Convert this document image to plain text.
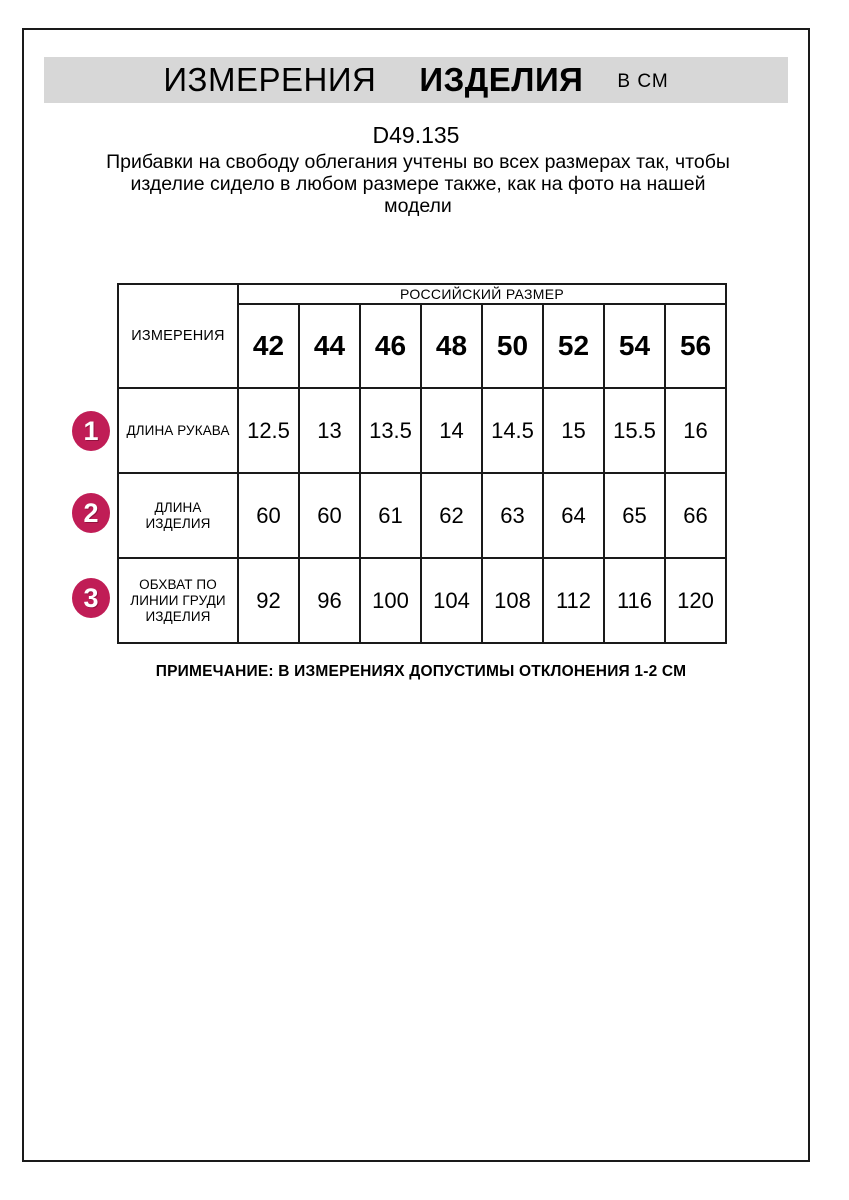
ИЗМЕРЕНИЯ ИЗДЕЛИЯ В СМ
D49.135
Прибавки на свободу облегания учтены во всех размерах так, чтобы
изделие сидело в любом размере также, как на фото на нашей
модели
ИЗМЕРЕНИЯ	РОССИЙСКИЙ РАЗМЕР							
	42	44	46	48	50	52	54	56

ДЛИНА РУКАВА	12.5	13	13.5	14	14.5	15	15.5	16

ДЛИНА
ИЗДЕЛИЯ	60	60	61	62	63	64	65	66

ОБХВАТ ПО
ЛИНИИ ГРУДИ
ИЗДЕЛИЯ	92	96	100	104	108	112	116	120
1
2
3
ПРИМЕЧАНИЕ: В ИЗМЕРЕНИЯХ ДОПУСТИМЫ ОТКЛОНЕНИЯ 1-2 СМ
